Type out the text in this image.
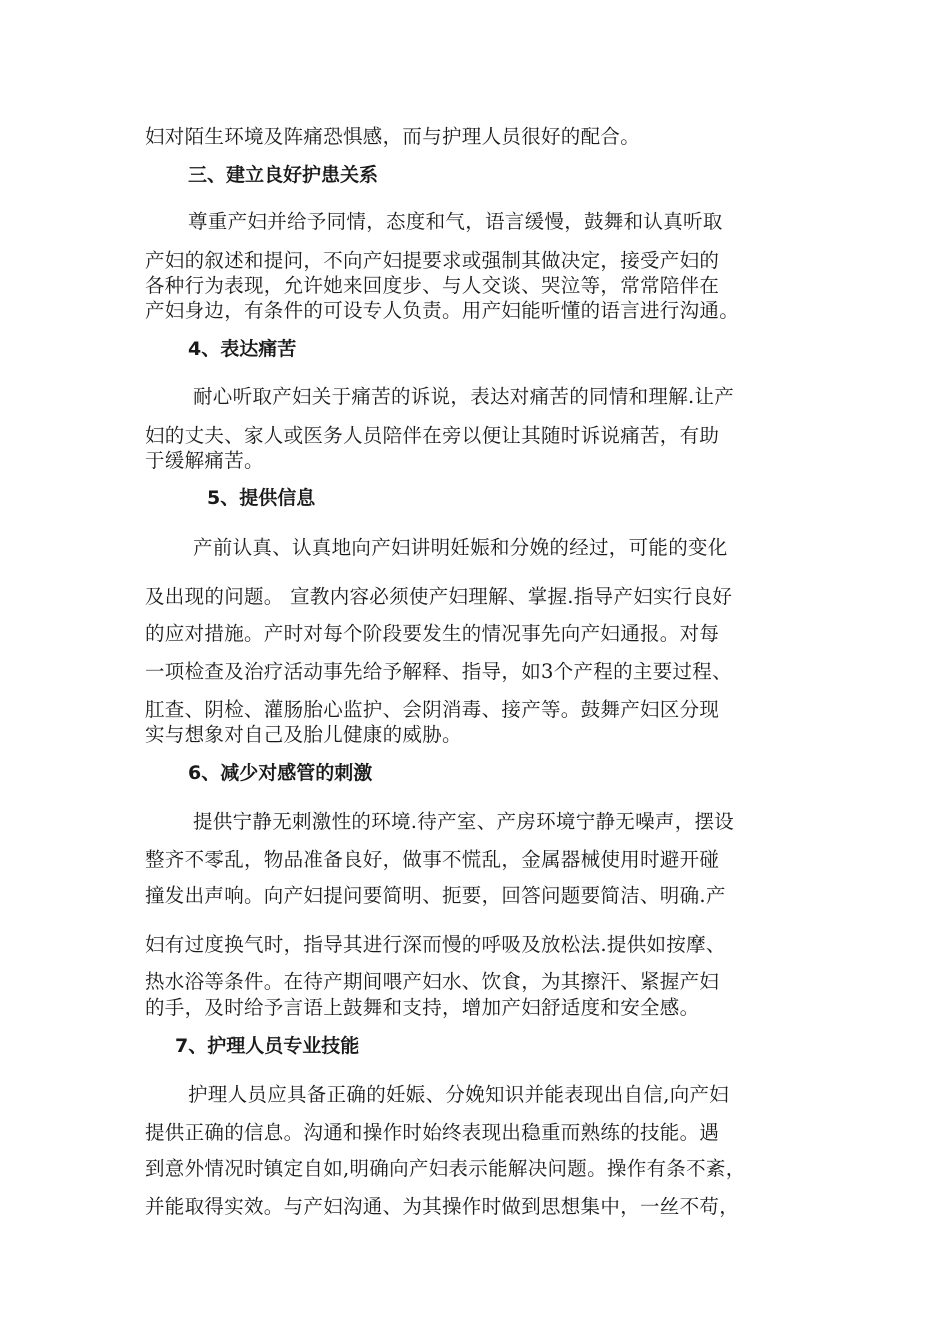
妇对陌生环境及阵痛恐惧感，而与护理人员很好的配合。
三、建立良好护患关系
尊重产妇并给予同情，态度和气，语言缓慢，鼓舞和认真听取
产妇的叙述和提问，不向产妇提要求或强制其做决定，接受产妇的
各种行为表现，允许她来回度步、与人交谈、哭泣等，常常陪伴在
产妇身边，有条件的可设专人负责。用产妇能听懂的语言进行沟通。
4、表达痛苦
耐心听取产妇关于痛苦的诉说，表达对痛苦的同情和理解.让产
妇的丈夫、家人或医务人员陪伴在旁以便让其随时诉说痛苦，有助
于缓解痛苦。
5、提供信息
产前认真、认真地向产妇讲明妊娠和分娩的经过，可能的变化
及出现的问题。 宣教内容必须使产妇理解、掌握.指导产妇实行良好
的应对措施。产时对每个阶段要发生的情况事先向产妇通报。对每
一项检查及治疗活动事先给予解释、指导，如3个产程的主要过程、
肛查、阴检、灌肠胎心监护、会阴消毒、接产等。鼓舞产妇区分现
实与想象对自己及胎儿健康的威胁。
6、减少对感管的刺激
提供宁静无刺激性的环境.待产室、产房环境宁静无噪声，摆设
整齐不零乱，物品准备良好，做事不慌乱，金属器械使用时避开碰
撞发出声响。向产妇提问要简明、扼要，回答问题要简洁、明确.产
妇有过度换气时，指导其进行深而慢的呼吸及放松法.提供如按摩、
热水浴等条件。在待产期间喂产妇水、饮食，为其擦汗、紧握产妇
的手，及时给予言语上鼓舞和支持，增加产妇舒适度和安全感。
7、护理人员专业技能
护理人员应具备正确的妊娠、分娩知识并能表现出自信,向产妇
提供正确的信息。沟通和操作时始终表现出稳重而熟练的技能。遇
到意外情况时镇定自如,明确向产妇表示能解决问题。操作有条不紊，
并能取得实效。与产妇沟通、为其操作时做到思想集中，一丝不苟，
